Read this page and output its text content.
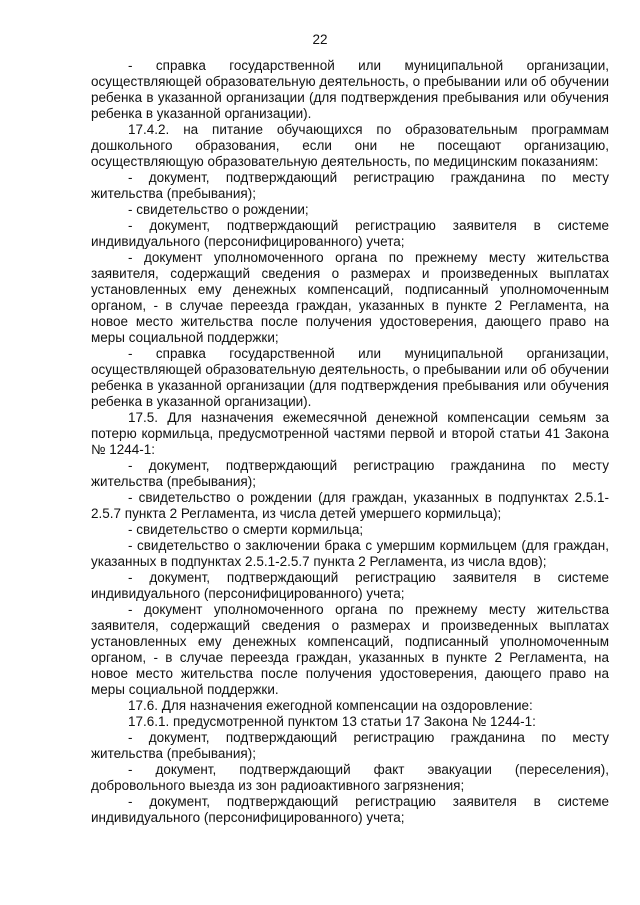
22

- справка государственной или муниципальной организации, осуществляющей образовательную деятельность, о пребывании или об обучении ребенка в указанной организации (для подтверждения пребывания или обучения ребенка в указанной организации).

17.4.2. на питание обучающихся по образовательным программам дошкольного образования, если они не посещают организацию, осуществляющую образовательную деятельность, по медицинским показаниям:

- документ, подтверждающий регистрацию гражданина по месту жительства (пребывания);

- свидетельство о рождении;

- документ, подтверждающий регистрацию заявителя в системе индивидуального (персонифицированного) учета;

- документ уполномоченного органа по прежнему месту жительства заявителя, содержащий сведения о размерах и произведенных выплатах установленных ему денежных компенсаций, подписанный уполномоченным органом, - в случае переезда граждан, указанных в пункте 2 Регламента, на новое место жительства после получения удостоверения, дающего право на меры социальной поддержки;

- справка государственной или муниципальной организации, осуществляющей образовательную деятельность, о пребывании или об обучении ребенка в указанной организации (для подтверждения пребывания или обучения ребенка в указанной организации).

17.5. Для назначения ежемесячной денежной компенсации семьям за потерю кормильца, предусмотренной частями первой и второй статьи 41 Закона № 1244-1:

- документ, подтверждающий регистрацию гражданина по месту жительства (пребывания);

- свидетельство о рождении (для граждан, указанных в подпунктах 2.5.1-2.5.7 пункта 2 Регламента, из числа детей умершего кормильца);

- свидетельство о смерти кормильца;

- свидетельство о заключении брака с умершим кормильцем (для граждан, указанных в подпунктах 2.5.1-2.5.7 пункта 2 Регламента, из числа вдов);

- документ, подтверждающий регистрацию заявителя в системе индивидуального (персонифицированного) учета;

- документ уполномоченного органа по прежнему месту жительства заявителя, содержащий сведения о размерах и произведенных выплатах установленных ему денежных компенсаций, подписанный уполномоченным органом, - в случае переезда граждан, указанных в пункте 2 Регламента, на новое место жительства после получения удостоверения, дающего право на меры социальной поддержки.

17.6. Для назначения ежегодной компенсации на оздоровление:

17.6.1. предусмотренной пунктом 13 статьи 17 Закона № 1244-1:

- документ, подтверждающий регистрацию гражданина по месту жительства (пребывания);

- документ, подтверждающий факт эвакуации (переселения), добровольного выезда из зон радиоактивного загрязнения;

- документ, подтверждающий регистрацию заявителя в системе индивидуального (персонифицированного) учета;
